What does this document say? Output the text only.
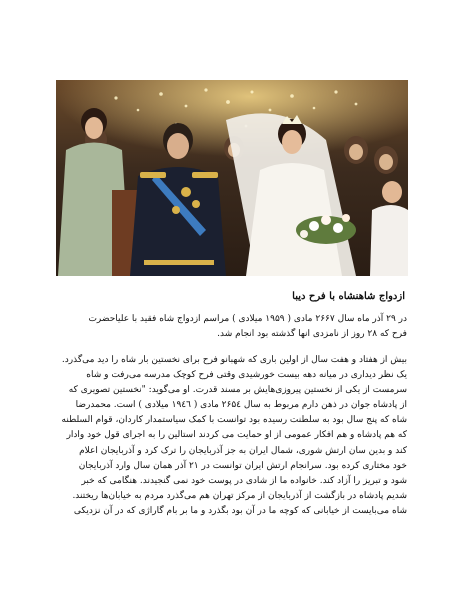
ازدواج شاهنشاه با فرح دیبا
در ۲۹ آذر ماه سال ۲۶۶۷ مادی ( ۱۹۵۹ میلادی ) مراسم ازدواج شاه فقید با علیاحضرت
فرح که ۲۸ روز از نامزدی انها گذشته بود انجام شد.
بیش از هفتاد و هفت سال از اولین باری که شهبانو فرح برای نخستین بار شاه را دید می‌گذرد.
یک نظر دیداری در میانه دهه بیست خورشیدی وقتی فرح کوچک مدرسه می‌رفت و شاه
سرمست از یکی از نخستین پیروزی‌هایش بر مسند قدرت. او می‌گوید: "نخستین تصویری که
از پادشاه جوان در ذهن دارم مربوط به سال ۲۶۵٤ مادی ( ۱۹٤٦ میلادی ) است. محمدرضا
شاه که پنج سال بود به سلطنت رسیده بود توانست با کمک سیاستمدار کاردان، قوام السلطنه
که هم پادشاه و هم افکار عمومی از او حمایت می کردند استالین را به اجرای قول خود وادار
کند و بدین سان ارتش شوری، شمال ایران به جز آذربایجان را ترک کرد و آذربایجان اعلام
خود مختاری کرده بود. سرانجام ارتش ایران توانست در ۲۱ آذر همان سال وارد آذربایجان
شود و تبریز را آزاد کند. خانواده ما از شادی در پوست خود نمی گنجیدند. هنگامی که خبر
شدیم پادشاه در بازگشت از آذربایجان از مرکز تهران هم می‌گذرد مردم به خیابان‌ها ریختند.
شاه می‌بایست از خیابانی که کوچه ما در آن بود بگذرد و ما بر بام گاراژی که در آن نزدیکی
